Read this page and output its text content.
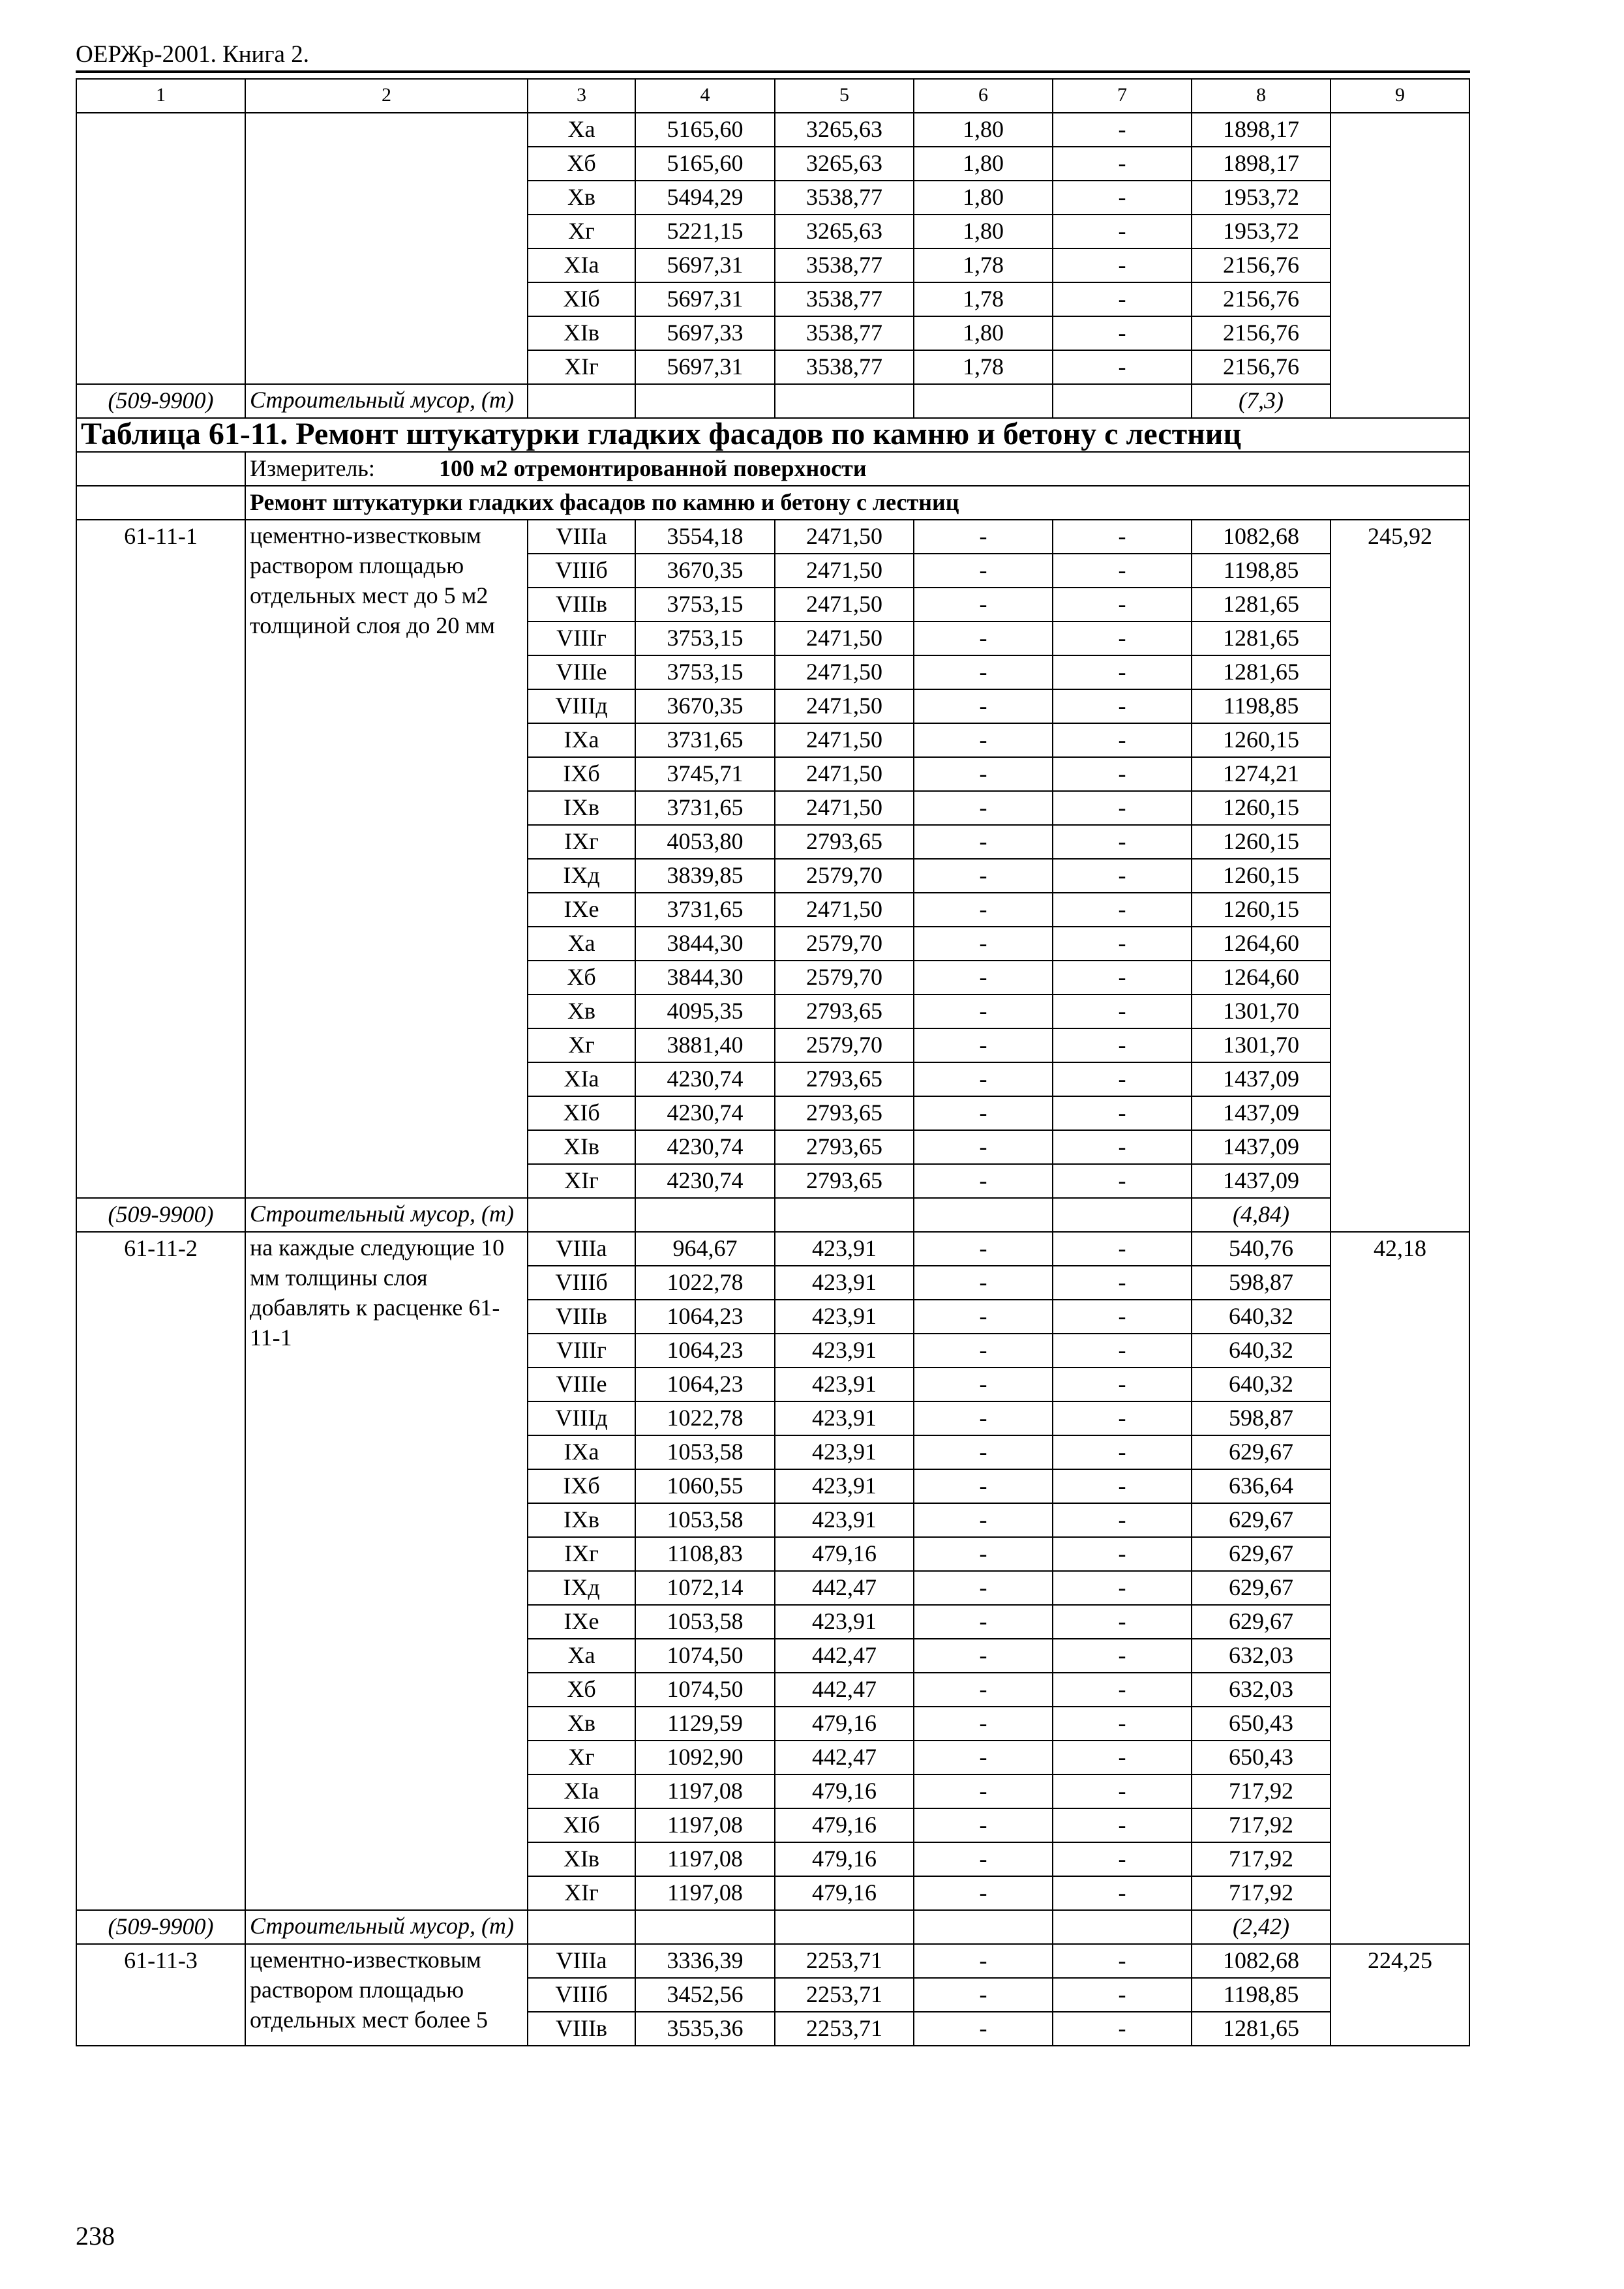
ОЕРЖр-2001. Книга 2.
1	2	3	4	5	6	7	8	9
		Xа	5165,60	3265,63	1,80	-	1898,17	
		Xб	5165,60	3265,63	1,80	-	1898,17	
		Xв	5494,29	3538,77	1,80	-	1953,72	
		Xг	5221,15	3265,63	1,80	-	1953,72	
		XIа	5697,31	3538,77	1,78	-	2156,76	
		XIб	5697,31	3538,77	1,78	-	2156,76	
		XIв	5697,33	3538,77	1,80	-	2156,76	
		XIг	5697,31	3538,77	1,78	-	2156,76	
(509-9900)	Строительный мусор, (т)						(7,3)	
Таблица 61-11. Ремонт штукатурки гладких фасадов по камню и бетону с лестниц								
	Измеритель: 100 м2 отремонтированной поверхности							
	Ремонт штукатурки гладких фасадов по камню и бетону с лестниц							
61-11-1	цементно-известковым раствором площадью отдельных мест до 5 м2 толщиной слоя до 20 мм	VIIIа	3554,18	2471,50	-	-	1082,68	245,92
		VIIIб	3670,35	2471,50	-	-	1198,85	
		VIIIв	3753,15	2471,50	-	-	1281,65	
		VIIIг	3753,15	2471,50	-	-	1281,65	
		VIIIе	3753,15	2471,50	-	-	1281,65	
		VIIIд	3670,35	2471,50	-	-	1198,85	
		IXа	3731,65	2471,50	-	-	1260,15	
		IXб	3745,71	2471,50	-	-	1274,21	
		IXв	3731,65	2471,50	-	-	1260,15	
		IXг	4053,80	2793,65	-	-	1260,15	
		IXд	3839,85	2579,70	-	-	1260,15	
		IXе	3731,65	2471,50	-	-	1260,15	
		Xа	3844,30	2579,70	-	-	1264,60	
		Xб	3844,30	2579,70	-	-	1264,60	
		Xв	4095,35	2793,65	-	-	1301,70	
		Xг	3881,40	2579,70	-	-	1301,70	
		XIа	4230,74	2793,65	-	-	1437,09	
		XIб	4230,74	2793,65	-	-	1437,09	
		XIв	4230,74	2793,65	-	-	1437,09	
		XIг	4230,74	2793,65	-	-	1437,09	
(509-9900)	Строительный мусор, (т)						(4,84)	
61-11-2	на каждые следующие 10 мм толщины слоя добавлять к расценке 61-11-1	VIIIа	964,67	423,91	-	-	540,76	42,18
		VIIIб	1022,78	423,91	-	-	598,87	
		VIIIв	1064,23	423,91	-	-	640,32	
		VIIIг	1064,23	423,91	-	-	640,32	
		VIIIе	1064,23	423,91	-	-	640,32	
		VIIIд	1022,78	423,91	-	-	598,87	
		IXа	1053,58	423,91	-	-	629,67	
		IXб	1060,55	423,91	-	-	636,64	
		IXв	1053,58	423,91	-	-	629,67	
		IXг	1108,83	479,16	-	-	629,67	
		IXд	1072,14	442,47	-	-	629,67	
		IXе	1053,58	423,91	-	-	629,67	
		Xа	1074,50	442,47	-	-	632,03	
		Xб	1074,50	442,47	-	-	632,03	
		Xв	1129,59	479,16	-	-	650,43	
		Xг	1092,90	442,47	-	-	650,43	
		XIа	1197,08	479,16	-	-	717,92	
		XIб	1197,08	479,16	-	-	717,92	
		XIв	1197,08	479,16	-	-	717,92	
		XIг	1197,08	479,16	-	-	717,92	
(509-9900)	Строительный мусор, (т)						(2,42)	
61-11-3	цементно-известковым раствором площадью отдельных мест более 5	VIIIа	3336,39	2253,71	-	-	1082,68	224,25
		VIIIб	3452,56	2253,71	-	-	1198,85	
		VIIIв	3535,36	2253,71	-	-	1281,65	
238
